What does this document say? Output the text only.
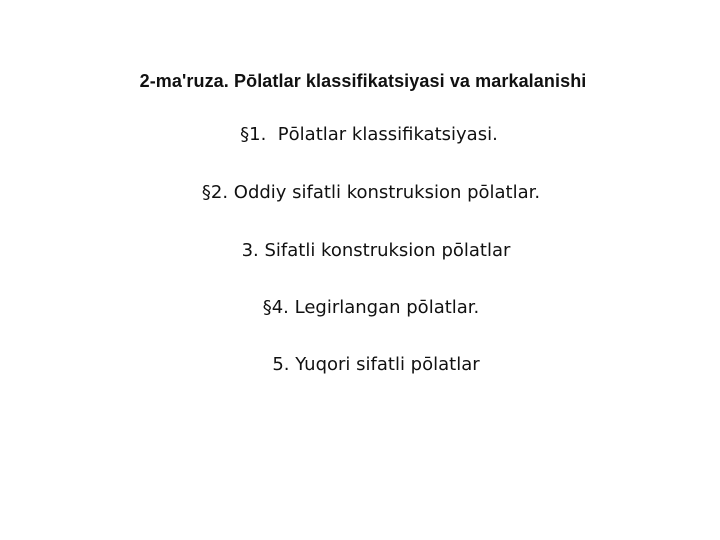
2-ma'ruza. Pōlatlar klassifikatsiyasi va markalanishi
§1.  Pōlatlar klassifikatsiyasi.
§2. Oddiy sifatli konstruksion pōlatlar.
3. Sifatli konstruksion pōlatlar
§4. Legirlangan pōlatlar.
5. Yuqori sifatli pōlatlar
